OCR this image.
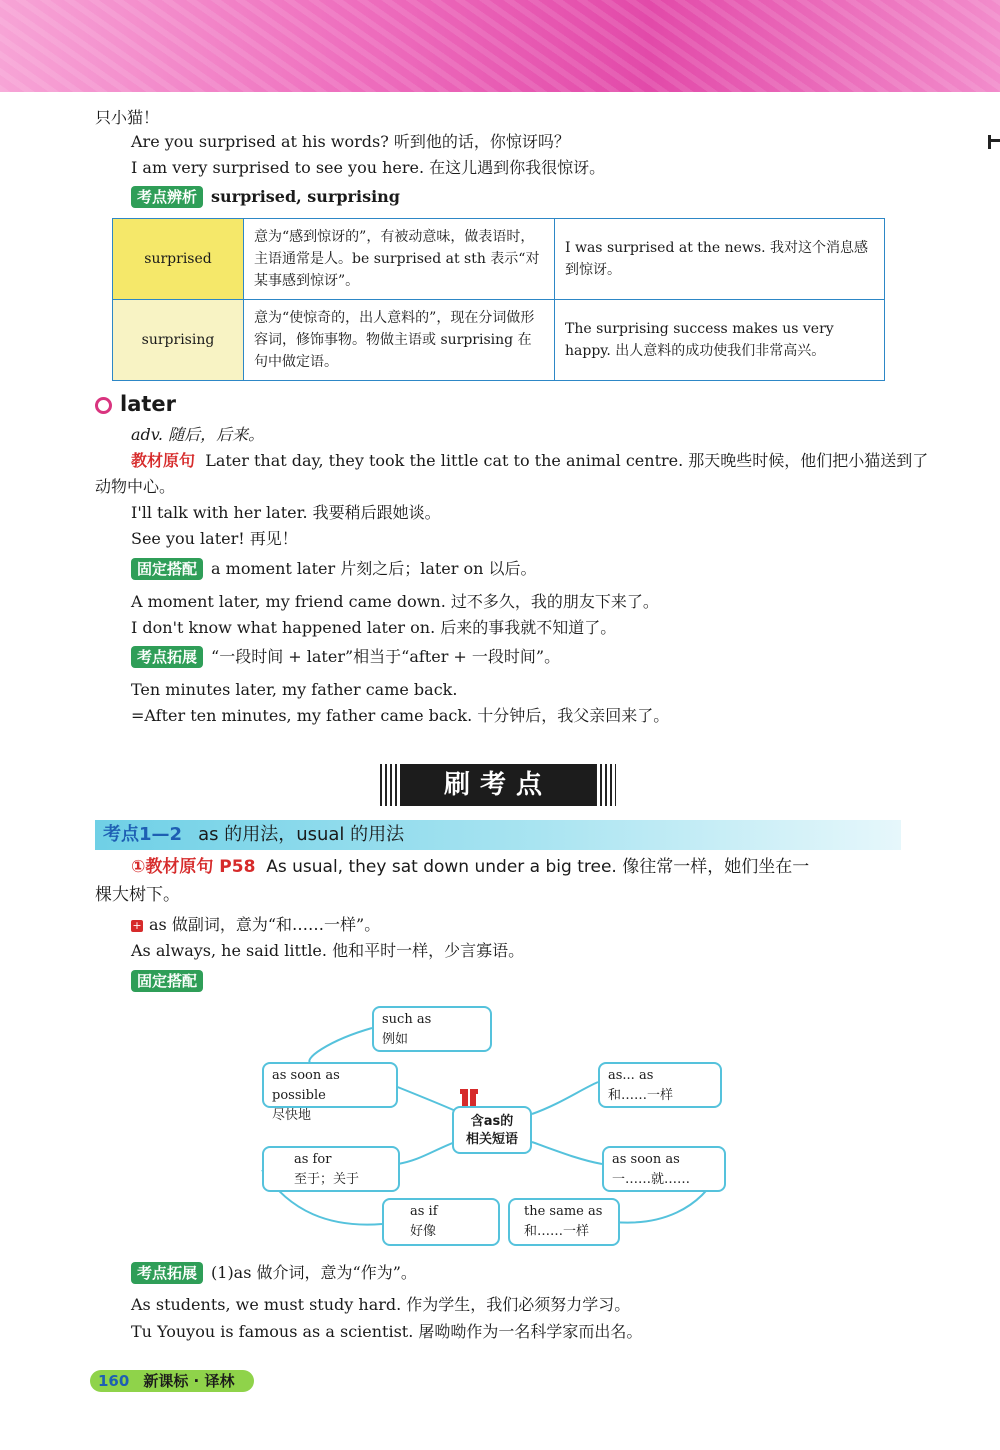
只小猫！
Are you surprised at his words? 听到他的话，你惊讶吗？
I am very surprised to see you here. 在这儿遇到你我很惊讶。
考点辨析 surprised, surprising
surprised	意为“感到惊讶的”，有被动意味，做表语时，主语通常是人。be surprised at sth 表示“对某事感到惊讶”。	I was surprised at the news. 我对这个消息感到惊讶。
surprising	意为“使惊奇的，出人意料的”，现在分词做形容词，修饰事物。物做主语或 surprising 在句中做定语。	The surprising success makes us very happy. 出人意料的成功使我们非常高兴。
later
adv. 随后，后来。
教材原句 Later that day, they took the little cat to the animal centre. 那天晚些时候，他们把小猫送到了
动物中心。
I'll talk with her later. 我要稍后跟她谈。
See you later! 再见！
固定搭配 a moment later 片刻之后；later on 以后。
A moment later, my friend came down. 过不多久，我的朋友下来了。
I don't know what happened later on. 后来的事我就不知道了。
考点拓展 “一段时间 + later”相当于“after + 一段时间”。
Ten minutes later, my father came back.
=After ten minutes, my father came back. 十分钟后，我父亲回来了。
刷考点
考点1—2 as 的用法，usual 的用法
①教材原句 P58 As usual, they sat down under a big tree. 像往常一样，她们坐在一
棵大树下。
+ as 做副词，意为“和……一样”。
As always, he said little. 他和平时一样，少言寡语。
固定搭配
such as
例如
as soon as possible
尽快地
as... as
和……一样
as for
至于；关于
as soon as
一……就……
as if
好像
the same as
和……一样
含as的
相关短语
考点拓展 (1)as 做介词，意为“作为”。
As students, we must study hard. 作为学生，我们必须努力学习。
Tu Youyou is famous as a scientist. 屠呦呦作为一名科学家而出名。
160 新课标 · 译林
